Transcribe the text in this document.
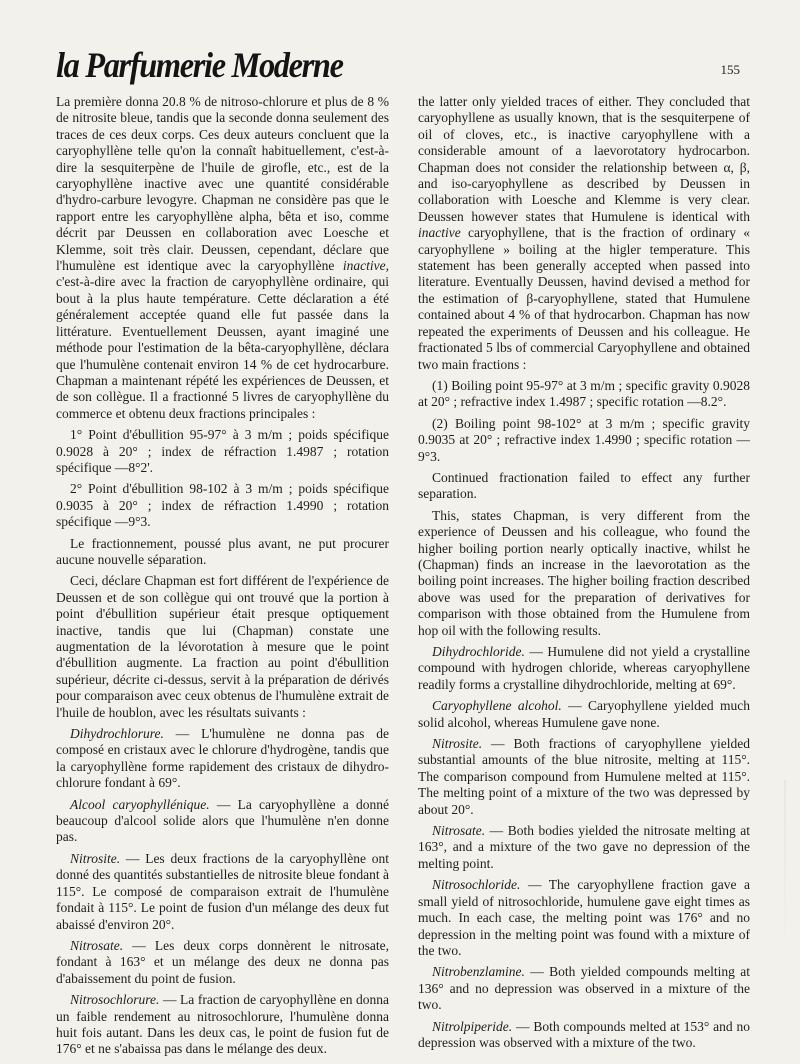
la Parfumerie Moderne	155

La première donna 20.8 % de nitroso-chlorure et plus de 8 % de nitrosite bleue, tandis que la seconde donna seulement des traces de ces deux corps. Ces deux auteurs concluent que la caryophyllène telle qu'on la connaît habituellement, c'est-à-dire la sesquiterpène de l'huile de girofle, etc., est de la caryophyllène inactive avec une quantité considérable d'hydro-carbure levogyre. Chapman ne considère pas que le rapport entre les caryophyllène alpha, bêta et iso, comme décrit par Deussen en collaboration avec Loesche et Klemme, soit très clair. Deussen, cependant, déclare que l'humulène est identique avec la caryophyllène inactive, c'est-à-dire avec la fraction de caryophyllène ordinaire, qui bout à la plus haute température. Cette déclaration a été généralement acceptée quand elle fut passée dans la littérature. Eventuellement Deussen, ayant imaginé une méthode pour l'estimation de la bêta-caryophyllène, déclara que l'humulène contenait environ 14 % de cet hydrocarbure. Chapman a maintenant répété les expériences de Deussen, et de son collègue. Il a fractionné 5 livres de caryophyllène du commerce et obtenu deux fractions principales :

1° Point d'ébullition 95-97° à 3 m/m ; poids spécifique 0.9028 à 20° ; index de réfraction 1.4987 ; rotation spécifique —8°2'.

2° Point d'ébullition 98-102 à 3 m/m ; poids spécifique 0.9035 à 20° ; index de réfraction 1.4990 ; rotation spécifique —9°3.

Le fractionnement, poussé plus avant, ne put procurer aucune nouvelle séparation.

Ceci, déclare Chapman est fort différent de l'expérience de Deussen et de son collègue qui ont trouvé que la portion à point d'ébullition supérieur était presque optiquement inactive, tandis que lui (Chapman) constate une augmentation de la lévorotation à mesure que le point d'ébullition augmente. La fraction au point d'ébullition supérieur, décrite ci-dessus, servit à la préparation de dérivés pour comparaison avec ceux obtenus de l'humulène extrait de l'huile de houblon, avec les résultats suivants :

Dihydrochlorure. — L'humulène ne donna pas de composé en cristaux avec le chlorure d'hydrogène, tandis que la caryophyllène forme rapidement des cristaux de dihydro-chlorure fondant à 69°.

Alcool caryophyllénique. — La caryophyllène a donné beaucoup d'alcool solide alors que l'humulène n'en donne pas.

Nitrosite. — Les deux fractions de la caryophyllène ont donné des quantités substantielles de nitrosite bleue fondant à 115°. Le composé de comparaison extrait de l'humulène fondait à 115°. Le point de fusion d'un mélange des deux fut abaissé d'environ 20°.

Nitrosate. — Les deux corps donnèrent le nitrosate, fondant à 163° et un mélange des deux ne donna pas d'abaissement du point de fusion.

Nitrosochlorure. — La fraction de caryophyllène en donna un faible rendement au nitrosochlorure, l'humulène donna huit fois autant. Dans les deux cas, le point de fusion fut de 176° et ne s'abaissa pas dans le mélange des deux.

the latter only yielded traces of either. They concluded that caryophyllene as usually known, that is the sesquiterpene of oil of cloves, etc., is inactive caryophyllene with a considerable amount of a laevorotatory hydrocarbon. Chapman does not consider the relationship between α, β, and iso-caryophyllene as described by Deussen in collaboration with Loesche and Klemme is very clear. Deussen however states that Humulene is identical with inactive caryophyllene, that is the fraction of ordinary « caryophyllene » boiling at the higler temperature. This statement has been generally accepted when passed into literature. Eventually Deussen, havind devised a method for the estimation of β-caryophyllene, stated that Humulene contained about 4 % of that hydrocarbon. Chapman has now repeated the experiments of Deussen and his colleague. He fractionated 5 lbs of commercial Caryophyllene and obtained two main fractions :

(1) Boiling point 95-97° at 3 m/m ; specific gravity 0.9028 at 20° ; refractive index 1.4987 ; specific rotation —8.2°.

(2) Boiling point 98-102° at 3 m/m ; specific gravity 0.9035 at 20° ; refractive index 1.4990 ; specific rotation —9°3.

Continued fractionation failed to effect any further separation.

This, states Chapman, is very different from the experience of Deussen and his colleague, who found the higher boiling portion nearly optically inactive, whilst he (Chapman) finds an increase in the laevorotation as the boiling point increases. The higher boiling fraction described above was used for the preparation of derivatives for comparison with those obtained from the Humulene from hop oil with the following results.

Dihydrochloride. — Humulene did not yield a crystalline compound with hydrogen chloride, whereas caryophyllene readily forms a crystalline dihydrochloride, melting at 69°.

Caryophyllene alcohol. — Caryophyllene yielded much solid alcohol, whereas Humulene gave none.

Nitrosite. — Both fractions of caryophyllene yielded substantial amounts of the blue nitrosite, melting at 115°. The comparison compound from Humulene melted at 115°. The melting point of a mixture of the two was depressed by about 20°.

Nitrosate. — Both bodies yielded the nitrosate melting at 163°, and a mixture of the two gave no depression of the melting point.

Nitrosochloride. — The caryophyllene fraction gave a small yield of nitrosochloride, humulene gave eight times as much. In each case, the melting point was 176° and no depression in the melting point was found with a mixture of the two.

Nitrobenzlamine. — Both yielded compounds melting at 136° and no depression was observed in a mixture of the two.

Nitrolpiperide. — Both compounds melted at 153° and no depression was observed with a mixture of the two.
